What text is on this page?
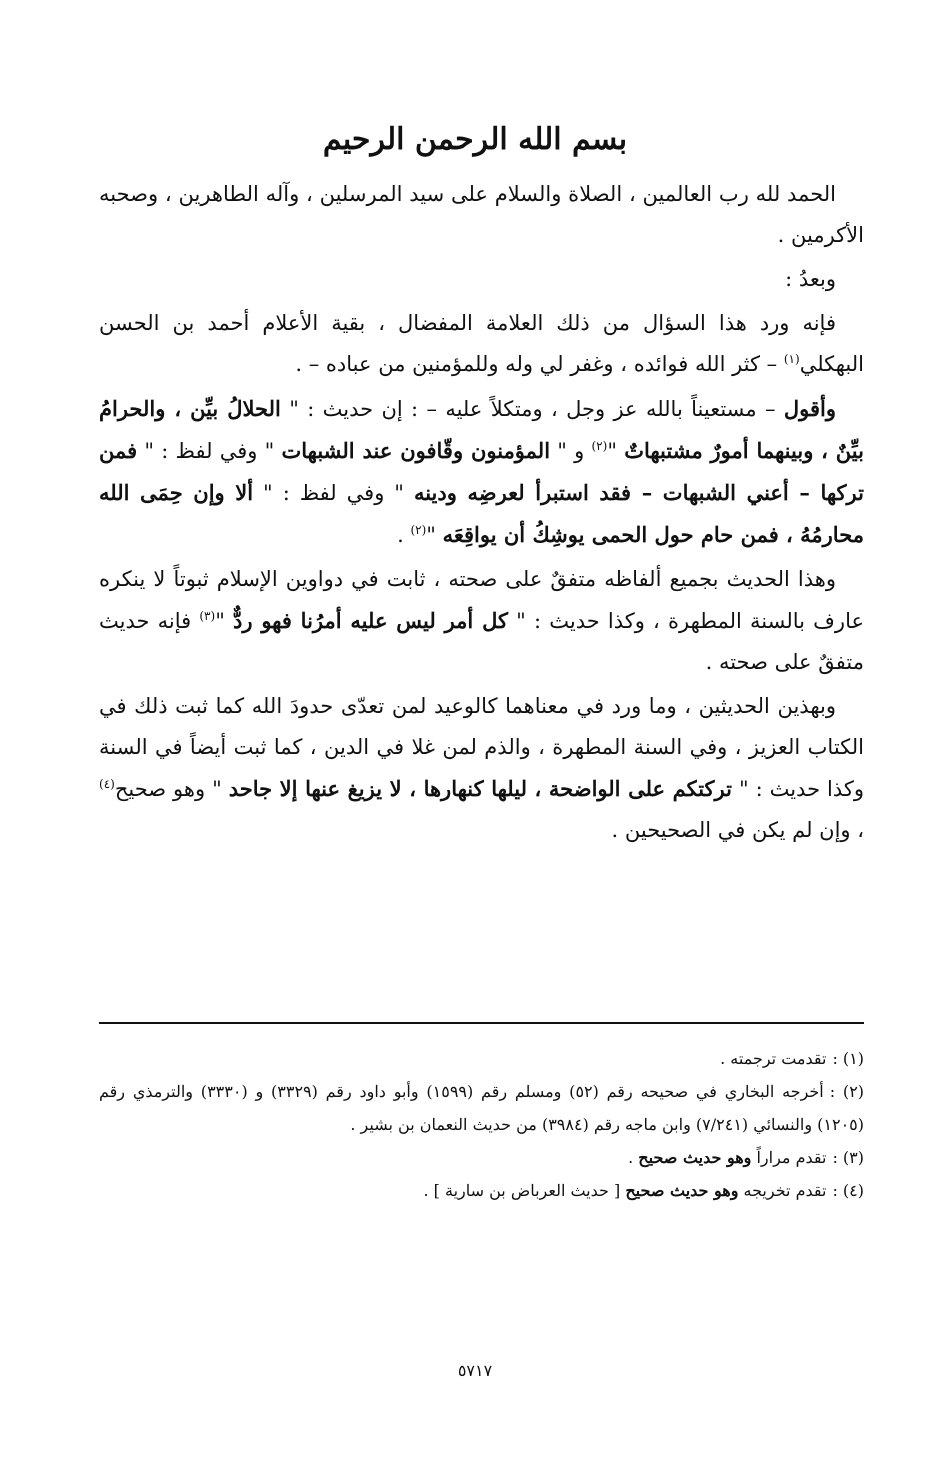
بسم الله الرحمن الرحيم

الحمد لله رب العالمين ، الصلاة والسلام على سيد المرسلين ، وآله الطاهرين ، وصحبه الأكرمين .

وبعدُ :

فإنه ورد هذا السؤال من ذلك العلامة المفضال ، بقية الأعلام أحمد بن الحسن البهكلي$^{(١)}$ – كثر الله فوائده ، وغفر لي وله وللمؤمنين من عباده – .

وأقول – مستعيناً بالله عز وجل ، ومتكلاً عليه – : إن حديث : " الحلالُ بيِّن ، والحرامُ بيِّنٌ ، وبينهما أمورٌ مشتبهاتٌ "$^{(٢)}$ و " المؤمنون وقّافون عند الشبهات " وفي لفظ : " فمن تركها – أعني الشبهات – فقد استبرأ لعرضِه ودينه " وفي لفظ : " ألا وإن حِمَى الله محارمُهُ ، فمن حام حول الحمى يوشِكُ أن يواقِعَه "$^{(٢)}$ .

وهذا الحديث بجميع ألفاظه متفقٌ على صحته ، ثابت في دواوين الإسلام ثبوتاً لا ينكره عارف بالسنة المطهرة ، وكذا حديث : " كل أمر ليس عليه أمرُنا فهو ردٌّ "$^{(٣)}$ فإنه حديث متفقٌ على صحته .

وبهذين الحديثين ، وما ورد في معناهما كالوعيد لمن تعدّى حدودَ الله كما ثبت ذلك في الكتاب العزيز ، وفي السنة المطهرة ، والذم لمن غلا في الدين ، كما ثبت أيضاً في السنة وكذا حديث : " تركتكم على الواضحة ، ليلها كنهارها ، لا يزيغ عنها إلا جاحد " وهو صحيح$^{(٤)}$ ، وإن لم يكن في الصحيحين .

(١) :تقدمت ترجمته .

(٢) :أخرجه البخاري في صحيحه رقم (٥٢) ومسلم رقم (١٥٩٩) وأبو داود رقم (٣٣٢٩) و (٣٣٣٠) والترمذي رقم (١٢٠٥) والنسائي (٧/٢٤١) وابن ماجه رقم (٣٩٨٤) من حديث النعمان بن بشير .

(٣) :تقدم مراراً وهو حديث صحيح .

(٤) :تقدم تخريجه وهو حديث صحيح [ حديث العرباض بن سارية ] .

٥٧١٧
